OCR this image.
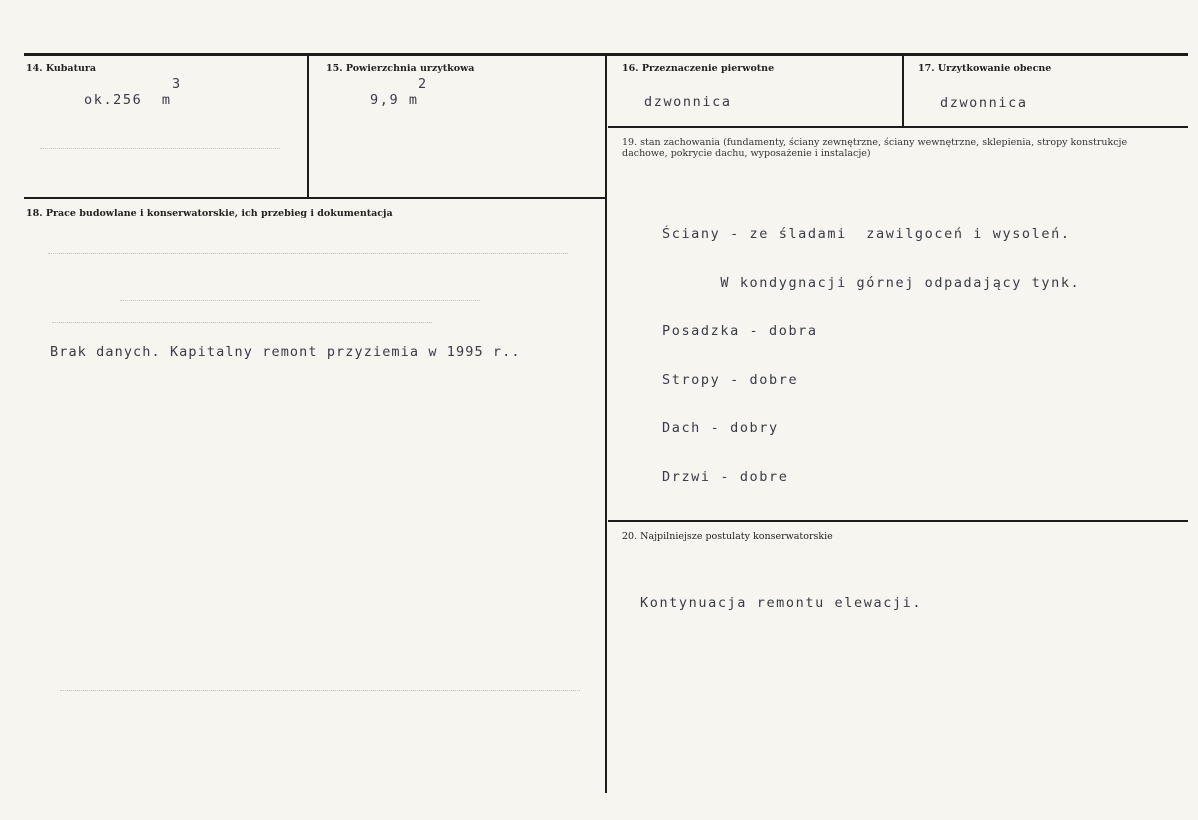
14. Kubatura
3
ok.256  m
15. Powierzchnia urzytkowa
2
9,9 m
16. Przeznaczenie pierwotne
dzwonnica
17. Urzytkowanie obecne
dzwonnica
18. Prace budowlane i konserwatorskie, ich przebieg i dokumentacja
Brak danych. Kapitalny remont przyziemia w 1995 r..
19. stan zachowania (fundamenty, ściany zewnętrzne, ściany wewnętrzne, sklepienia, stropy konstrukcje dachowe, pokrycie dachu, wyposażenie i instalacje)

Ściany - ze śladami  zawilgoceń i wysoleń.

W kondygnacji górnej odpadający tynk.

Posadzka - dobra

Stropy - dobre

Dach - dobry

Drzwi - dobre

20. Najpilniejsze postulaty konserwatorskie
Kontynuacja remontu elewacji.
